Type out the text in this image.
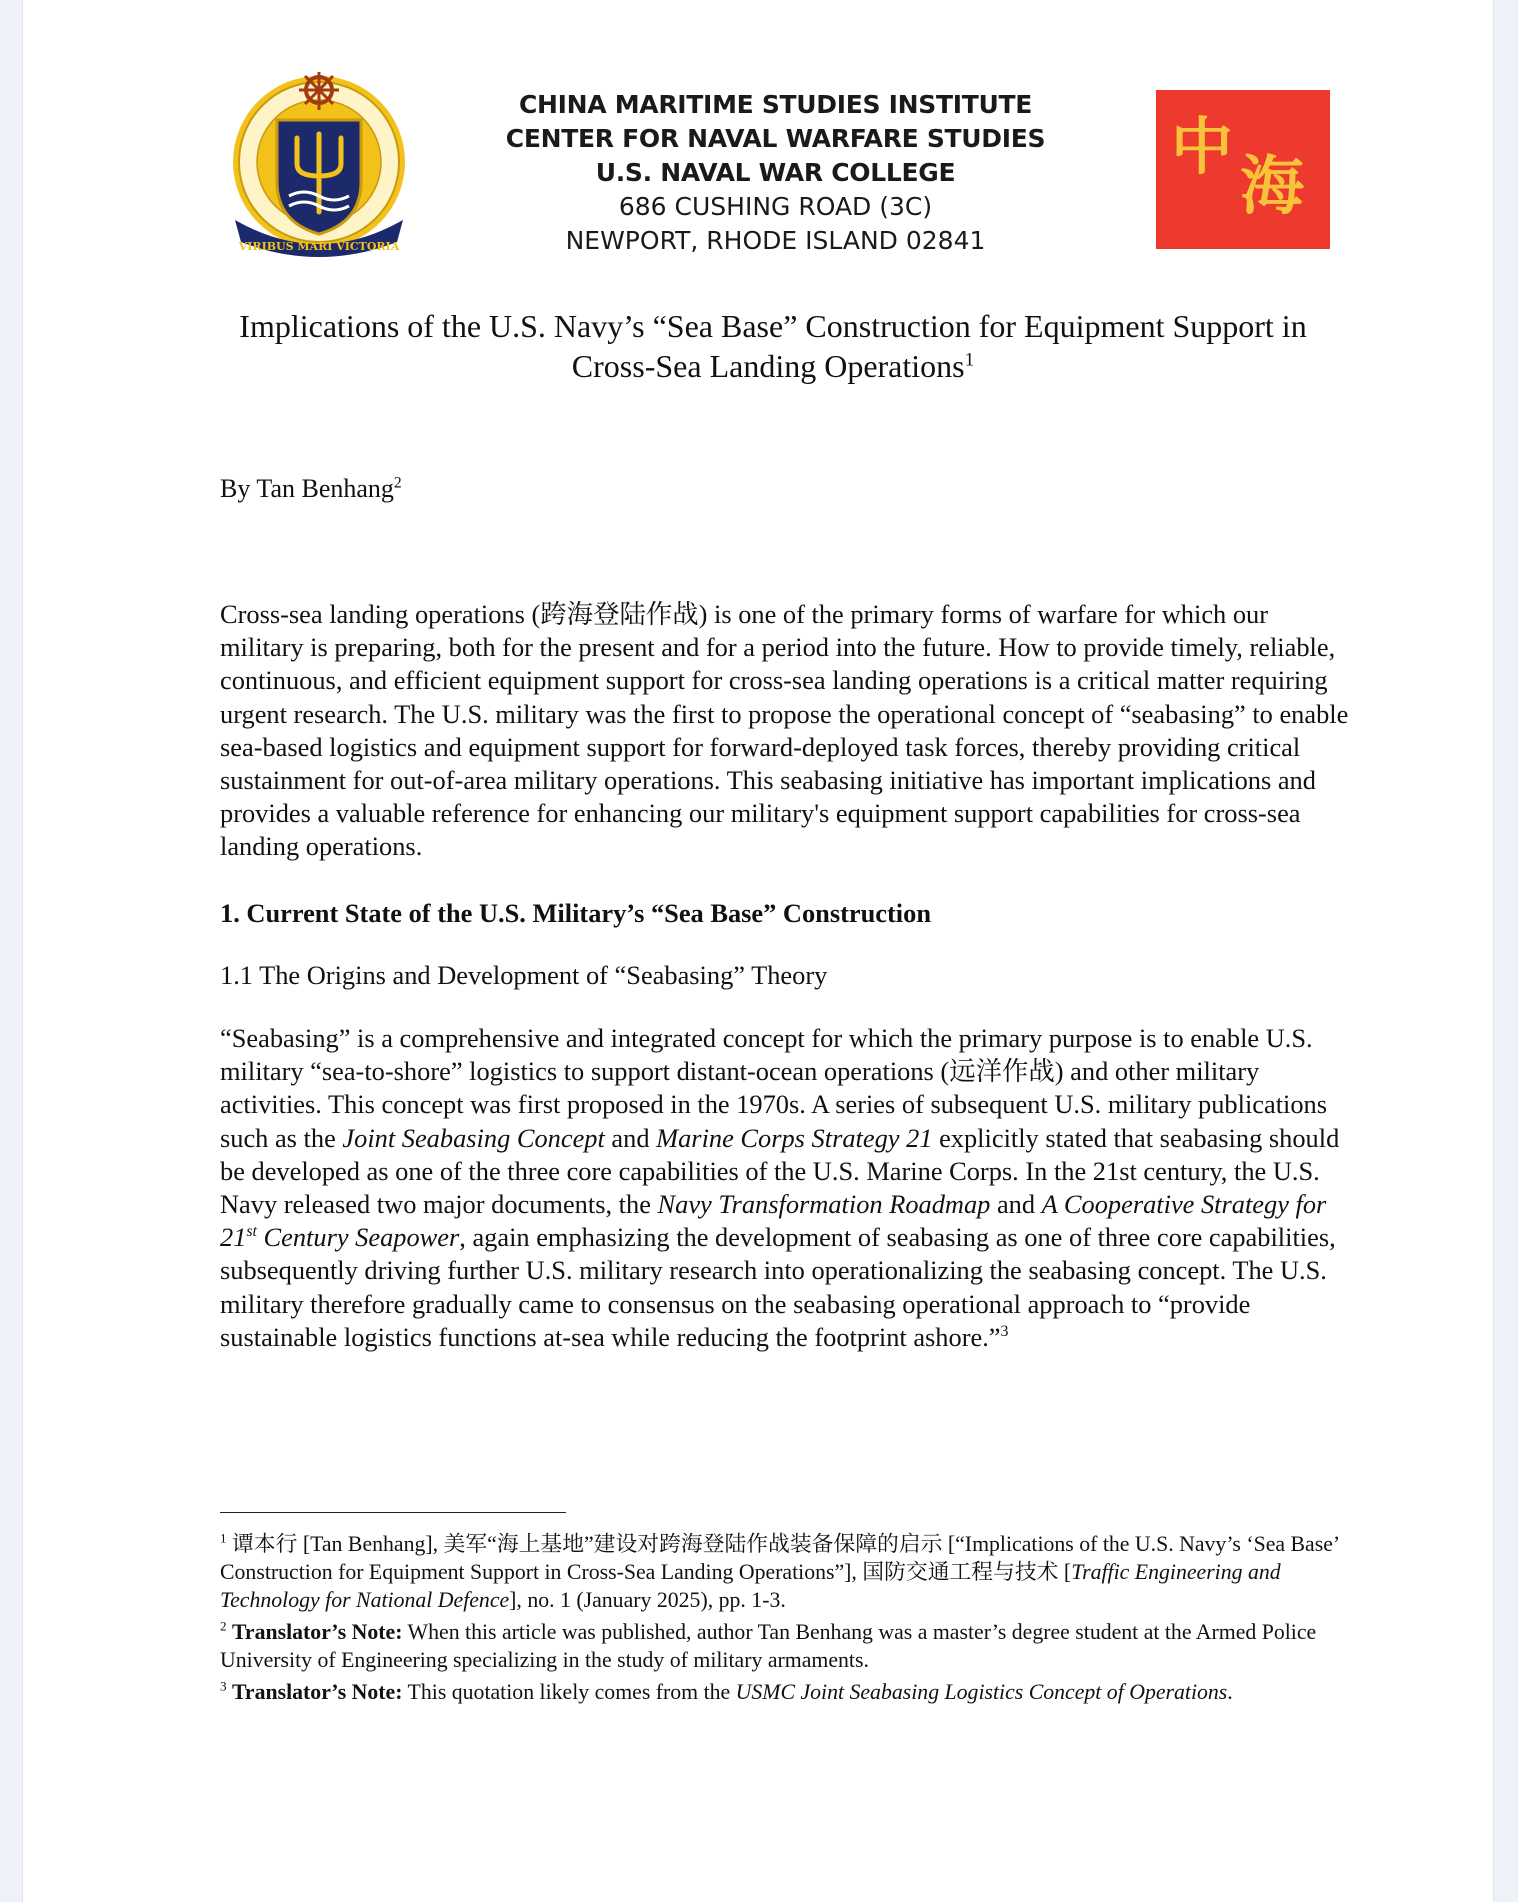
VIRIBUS MARI VICTORIA
CHINA MARITIME STUDIES INSTITUTE
CENTER FOR NAVAL WARFARE STUDIES
U.S. NAVAL WAR COLLEGE
686 CUSHING ROAD (3C)
NEWPORT, RHODE ISLAND 02841
中
海
Implications of the U.S. Navy’s “Sea Base” Construction for Equipment Support in
Cross-Sea Landing Operations$^1$
By Tan Benhang$^2$
Cross-sea landing operations (跨海登陆作战) is one of the primary forms of warfare for which our military is preparing, both for the present and for a period into the future. How to provide timely, reliable, continuous, and efficient equipment support for cross-sea landing operations is a critical matter requiring urgent research. The U.S. military was the first to propose the operational concept of “seabasing” to enable sea-based logistics and equipment support for forward-deployed task forces, thereby providing critical sustainment for out-of-area military operations. This seabasing initiative has important implications and provides a valuable reference for enhancing our military's equipment support capabilities for cross-sea landing operations.
1. Current State of the U.S. Military’s “Sea Base” Construction
1.1 The Origins and Development of “Seabasing” Theory
“Seabasing” is a comprehensive and integrated concept for which the primary purpose is to enable U.S. military “sea-to-shore” logistics to support distant-ocean operations (远洋作战) and other military activities. This concept was first proposed in the 1970s. A series of subsequent U.S. military publications such as the Joint Seabasing Concept and Marine Corps Strategy 21 explicitly stated that seabasing should be developed as one of the three core capabilities of the U.S. Marine Corps. In the 21st century, the U.S. Navy released two major documents, the Navy Transformation Roadmap and A Cooperative Strategy for 21st Century Seapower, again emphasizing the development of seabasing as one of three core capabilities, subsequently driving further U.S. military research into operationalizing the seabasing concept. The U.S. military therefore gradually came to consensus on the seabasing operational approach to “provide sustainable logistics functions at-sea while reducing the footprint ashore.”$^3$
$^1$ 谭本行 [Tan Benhang], 美军“海上基地”建设对跨海登陆作战装备保障的启示 [“Implications of the U.S. Navy’s ‘Sea Base’ Construction for Equipment Support in Cross-Sea Landing Operations”], 国防交通工程与技术 [Traffic Engineering and Technology for National Defence], no. 1 (January 2025), pp. 1-3.
$^2$ Translator’s Note: When this article was published, author Tan Benhang was a master’s degree student at the Armed Police University of Engineering specializing in the study of military armaments.
$^3$ Translator’s Note: This quotation likely comes from the USMC Joint Seabasing Logistics Concept of Operations.
